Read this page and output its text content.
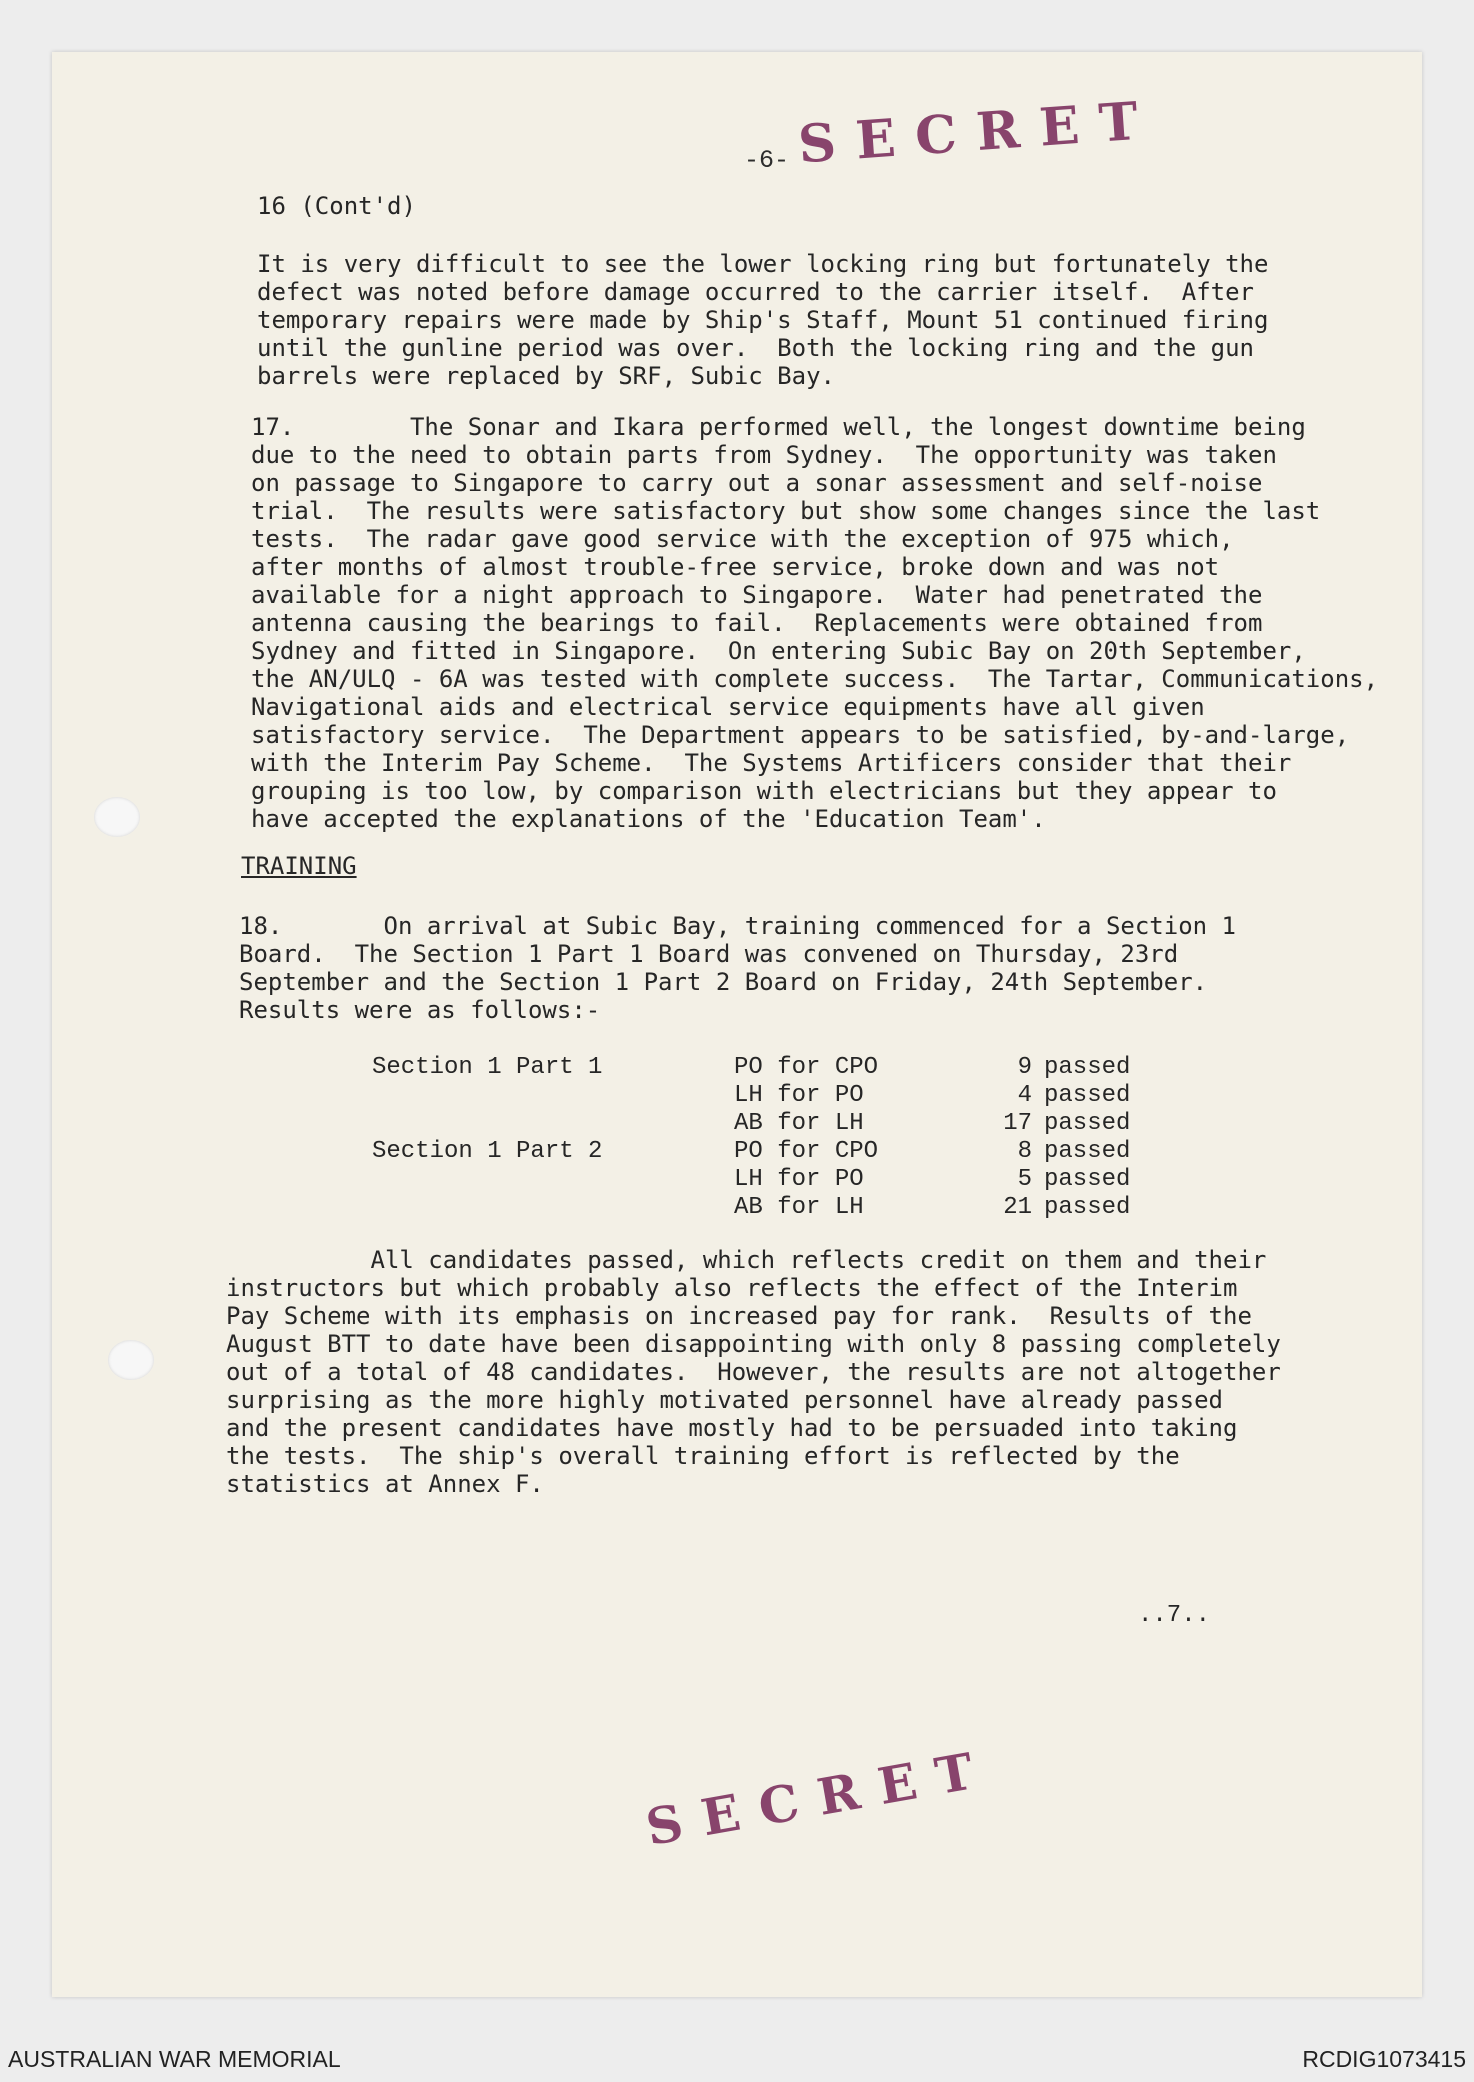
-6- SECRET
16 (Cont'd)
It is very difficult to see the lower locking ring but fortunately the
defect was noted before damage occurred to the carrier itself.  After
temporary repairs were made by Ship's Staff, Mount 51 continued firing
until the gunline period was over.  Both the locking ring and the gun
barrels were replaced by SRF, Subic Bay.
17.        The Sonar and Ikara performed well, the longest downtime being
due to the need to obtain parts from Sydney.  The opportunity was taken
on passage to Singapore to carry out a sonar assessment and self-noise
trial.  The results were satisfactory but show some changes since the last
tests.  The radar gave good service with the exception of 975 which,
after months of almost trouble-free service, broke down and was not
available for a night approach to Singapore.  Water had penetrated the
antenna causing the bearings to fail.  Replacements were obtained from
Sydney and fitted in Singapore.  On entering Subic Bay on 20th September,
the AN/ULQ - 6A was tested with complete success.  The Tartar, Communications,
Navigational aids and electrical service equipments have all given
satisfactory service.  The Department appears to be satisfied, by-and-large,
with the Interim Pay Scheme.  The Systems Artificers consider that their
grouping is too low, by comparison with electricians but they appear to
have accepted the explanations of the 'Education Team'.
TRAINING
18.       On arrival at Subic Bay, training commenced for a Section 1
Board.  The Section 1 Part 1 Board was convened on Thursday, 23rd
September and the Section 1 Part 2 Board on Friday, 24th September.
Results were as follows:-
Section 1 Part 1	PO for CPO	9	passed
	LH for PO	4	passed
	AB for LH	17	passed
Section 1 Part 2	PO for CPO	8	passed
	LH for PO	5	passed
	AB for LH	21	passed
All candidates passed, which reflects credit on them and their
instructors but which probably also reflects the effect of the Interim
Pay Scheme with its emphasis on increased pay for rank.  Results of the
August BTT to date have been disappointing with only 8 passing completely
out of a total of 48 candidates.  However, the results are not altogether
surprising as the more highly motivated personnel have already passed
and the present candidates have mostly had to be persuaded into taking
the tests.  The ship's overall training effort is reflected by the
statistics at Annex F.
..7..
SECRET
AUSTRALIAN WAR MEMORIAL	RCDIG1073415
